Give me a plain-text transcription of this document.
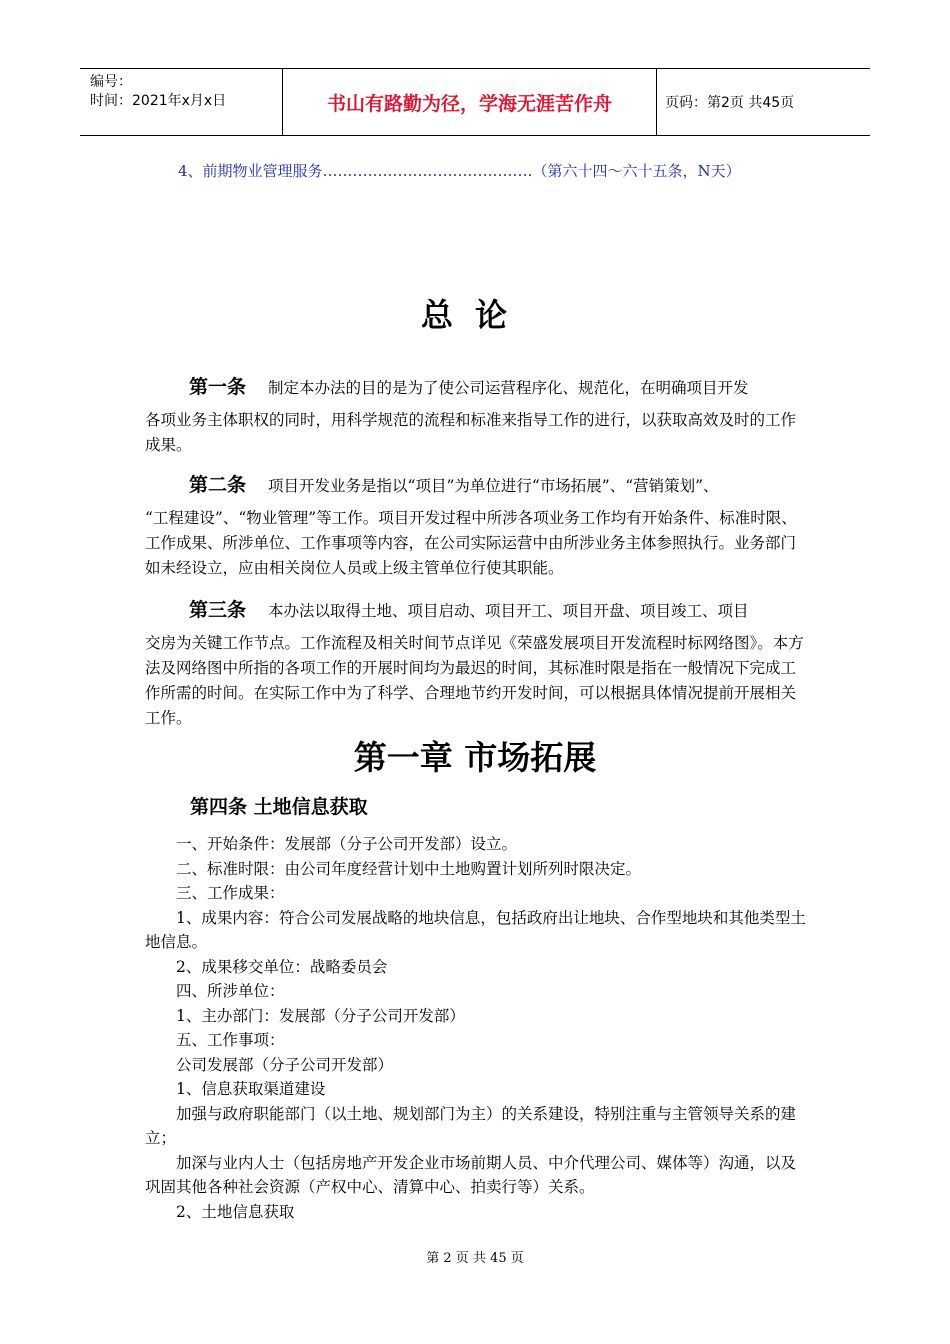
编号：
时间：2021年x月x日	书山有路勤为径，学海无涯苦作舟	页码：第2页 共45页
4、前期物业管理服务……………………………………（第六十四～六十五条，N天）
总论

第一条 制定本办法的目的是为了使公司运营程序化、规范化，在明确项目开发

各项业务主体职权的同时，用科学规范的流程和标准来指导工作的进行，以获取高效及时的工作成果。

第二条 项目开发业务是指以“项目”为单位进行“市场拓展”、“营销策划”、

“工程建设”、“物业管理”等工作。项目开发过程中所涉各项业务工作均有开始条件、标准时限、工作成果、所涉单位、工作事项等内容，在公司实际运营中由所涉业务主体参照执行。业务部门如未经设立，应由相关岗位人员或上级主管单位行使其职能。

第三条 本办法以取得土地、项目启动、项目开工、项目开盘、项目竣工、项目

交房为关键工作节点。工作流程及相关时间节点详见《荣盛发展项目开发流程时标网络图》。本方法及网络图中所指的各项工作的开展时间均为最迟的时间，其标准时限是指在一般情况下完成工作所需的时间。在实际工作中为了科学、合理地节约开发时间，可以根据具体情况提前开展相关工作。

第一章 市场拓展
第四条 土地信息获取

一、开始条件：发展部（分子公司开发部）设立。

二、标准时限：由公司年度经营计划中土地购置计划所列时限决定。

三、工作成果：

1、成果内容：符合公司发展战略的地块信息，包括政府出让地块、合作型地块和其他类型土地信息。

2、成果移交单位：战略委员会

四、所涉单位：

1、主办部门：发展部（分子公司开发部）

五、工作事项：

公司发展部（分子公司开发部）

1、信息获取渠道建设

加强与政府职能部门（以土地、规划部门为主）的关系建设，特别注重与主管领导关系的建立；

加深与业内人士（包括房地产开发企业市场前期人员、中介代理公司、媒体等）沟通，以及巩固其他各种社会资源（产权中心、清算中心、拍卖行等）关系。

2、土地信息获取

第 2 页 共 45 页
